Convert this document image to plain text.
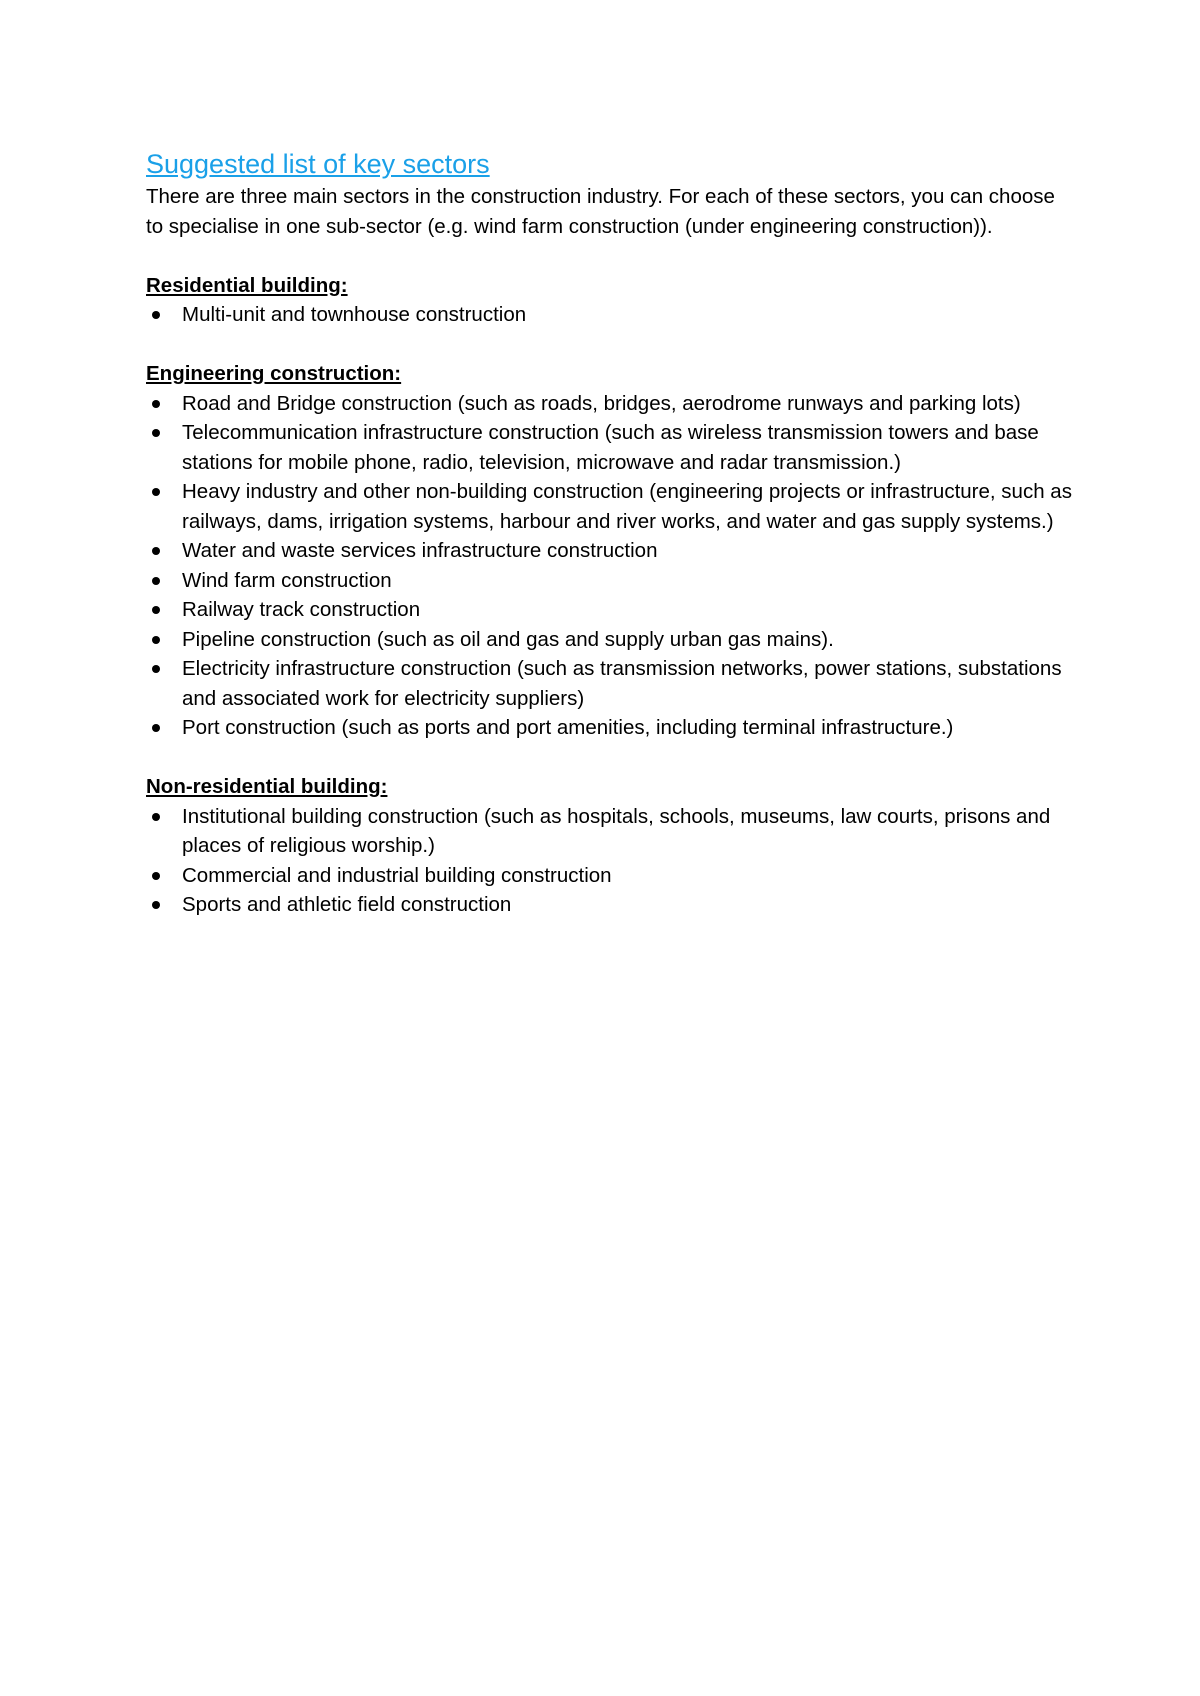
Suggested list of key sectors

There are three main sectors in the construction industry. For each of these sectors, you can choose to specialise in one sub-sector (e.g. wind farm construction (under engineering construction)).

Residential building:

Multi-unit and townhouse construction

Engineering construction:

Road and Bridge construction (such as roads, bridges, aerodrome runways and parking lots)
Telecommunication infrastructure construction (such as wireless transmission towers and base stations for mobile phone, radio, television, microwave and radar transmission.)
Heavy industry and other non-building construction (engineering projects or infrastructure, such as railways, dams, irrigation systems, harbour and river works, and water and gas supply systems.)
Water and waste services infrastructure construction
Wind farm construction
Railway track construction
Pipeline construction (such as oil and gas and supply urban gas mains).
Electricity infrastructure construction (such as transmission networks, power stations, substations and associated work for electricity suppliers)
Port construction (such as ports and port amenities, including terminal infrastructure.)

Non-residential building:

Institutional building construction (such as hospitals, schools, museums, law courts, prisons and places of religious worship.)
Commercial and industrial building construction
Sports and athletic field construction
